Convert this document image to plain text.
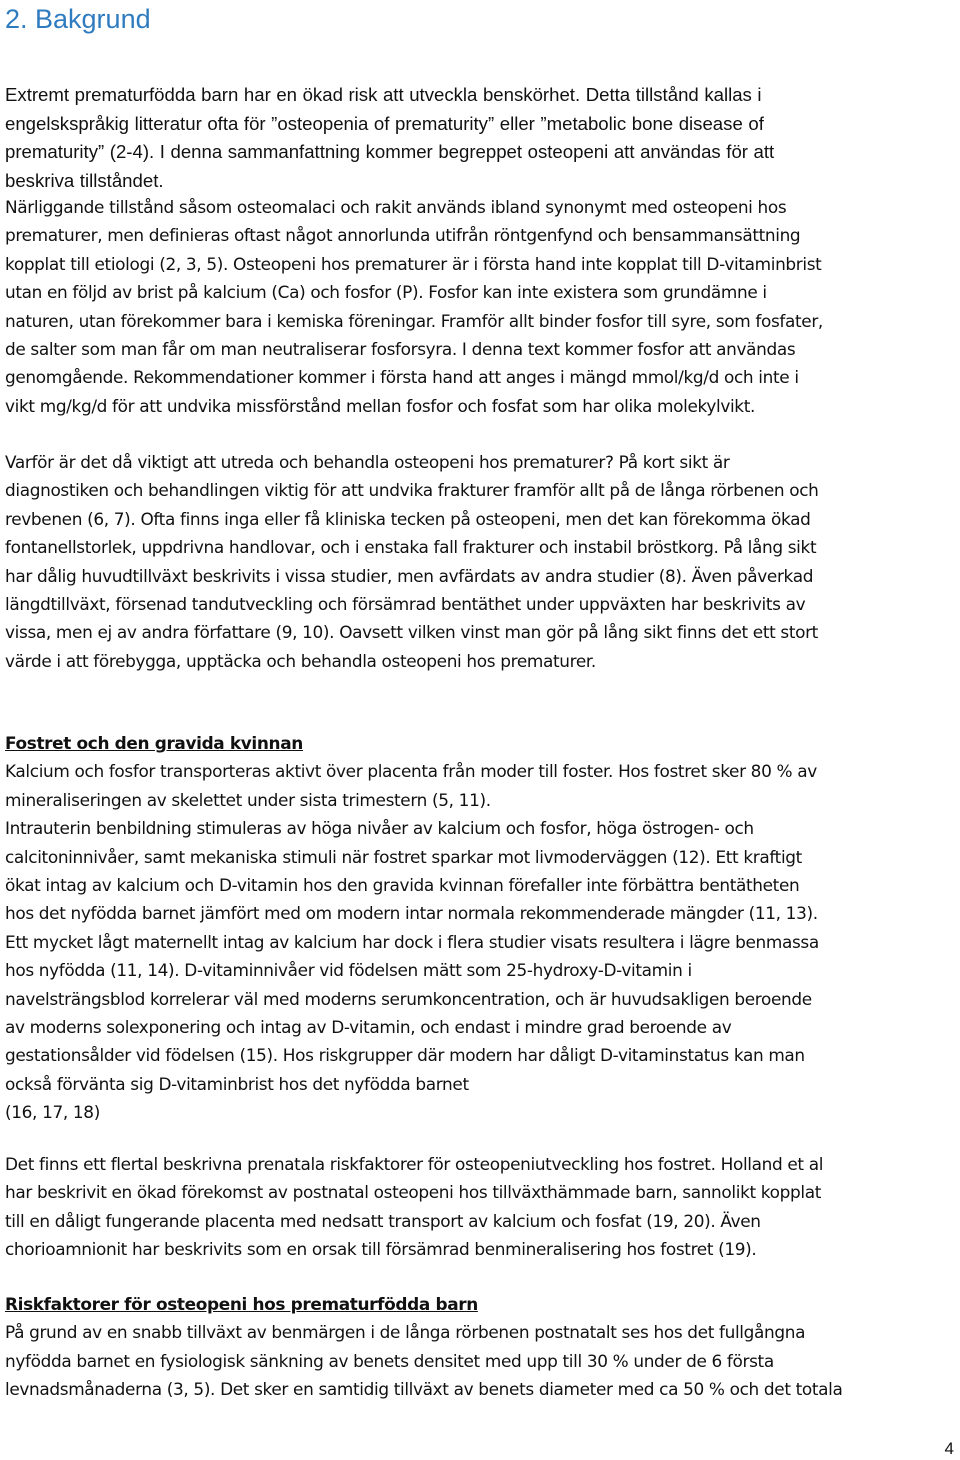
2. Bakgrund
Extremt prematurfödda barn har en ökad risk att utveckla benskörhet. Detta tillstånd kallas i
engelskspråkig litteratur ofta för ”osteopenia of prematurity” eller ”metabolic bone disease of
prematurity” (2-4). I denna sammanfattning kommer begreppet osteopeni att användas för att
beskriva tillståndet.
Närliggande tillstånd såsom osteomalaci och rakit används ibland synonymt med osteopeni hos
prematurer, men definieras oftast något annorlunda utifrån röntgenfynd och bensammansättning
kopplat till etiologi (2, 3, 5). Osteopeni hos prematurer är i första hand inte kopplat till D-vitaminbrist
utan en följd av brist på kalcium (Ca) och fosfor (P). Fosfor kan inte existera som grundämne i
naturen, utan förekommer bara i kemiska föreningar. Framför allt binder fosfor till syre, som fosfater,
de salter som man får om man neutraliserar fosforsyra. I denna text kommer fosfor att användas
genomgående. Rekommendationer kommer i första hand att anges i mängd mmol/kg/d och inte i
vikt mg/kg/d för att undvika missförstånd mellan fosfor och fosfat som har olika molekylvikt.
Varför är det då viktigt att utreda och behandla osteopeni hos prematurer? På kort sikt är
diagnostiken och behandlingen viktig för att undvika frakturer framför allt på de långa rörbenen och
revbenen (6, 7). Ofta finns inga eller få kliniska tecken på osteopeni, men det kan förekomma ökad
fontanellstorlek, uppdrivna handlovar, och i enstaka fall frakturer och instabil bröstkorg. På lång sikt
har dålig huvudtillväxt beskrivits i vissa studier, men avfärdats av andra studier (8). Även påverkad
längdtillväxt, försenad tandutveckling och försämrad bentäthet under uppväxten har beskrivits av
vissa, men ej av andra författare (9, 10). Oavsett vilken vinst man gör på lång sikt finns det ett stort
värde i att förebygga, upptäcka och behandla osteopeni hos prematurer.
Fostret och den gravida kvinnan
Kalcium och fosfor transporteras aktivt över placenta från moder till foster. Hos fostret sker 80 % av
mineraliseringen av skelettet under sista trimestern (5, 11).
Intrauterin benbildning stimuleras av höga nivåer av kalcium och fosfor, höga östrogen- och
calcitoninnivåer, samt mekaniska stimuli när fostret sparkar mot livmoderväggen (12). Ett kraftigt
ökat intag av kalcium och D-vitamin hos den gravida kvinnan förefaller inte förbättra bentätheten
hos det nyfödda barnet jämfört med om modern intar normala rekommenderade mängder (11, 13).
Ett mycket lågt maternellt intag av kalcium har dock i flera studier visats resultera i lägre benmassa
hos nyfödda (11, 14). D-vitaminnivåer vid födelsen mätt som 25-hydroxy-D-vitamin i
navelsträngsblod korrelerar väl med moderns serumkoncentration, och är huvudsakligen beroende
av moderns solexponering och intag av D-vitamin, och endast i mindre grad beroende av
gestationsålder vid födelsen (15). Hos riskgrupper där modern har dåligt D-vitaminstatus kan man
också förvänta sig D-vitaminbrist hos det nyfödda barnet
(16, 17, 18)
Det finns ett flertal beskrivna prenatala riskfaktorer för osteopeniutveckling hos fostret. Holland et al
har beskrivit en ökad förekomst av postnatal osteopeni hos tillväxthämmade barn, sannolikt kopplat
till en dåligt fungerande placenta med nedsatt transport av kalcium och fosfat (19, 20). Även
chorioamnionit har beskrivits som en orsak till försämrad benmineralisering hos fostret (19).
Riskfaktorer för osteopeni hos prematurfödda barn
På grund av en snabb tillväxt av benmärgen i de långa rörbenen postnatalt ses hos det fullgångna
nyfödda barnet en fysiologisk sänkning av benets densitet med upp till 30 % under de 6 första
levnadsmånaderna (3, 5). Det sker en samtidig tillväxt av benets diameter med ca 50 % och det totala
4
